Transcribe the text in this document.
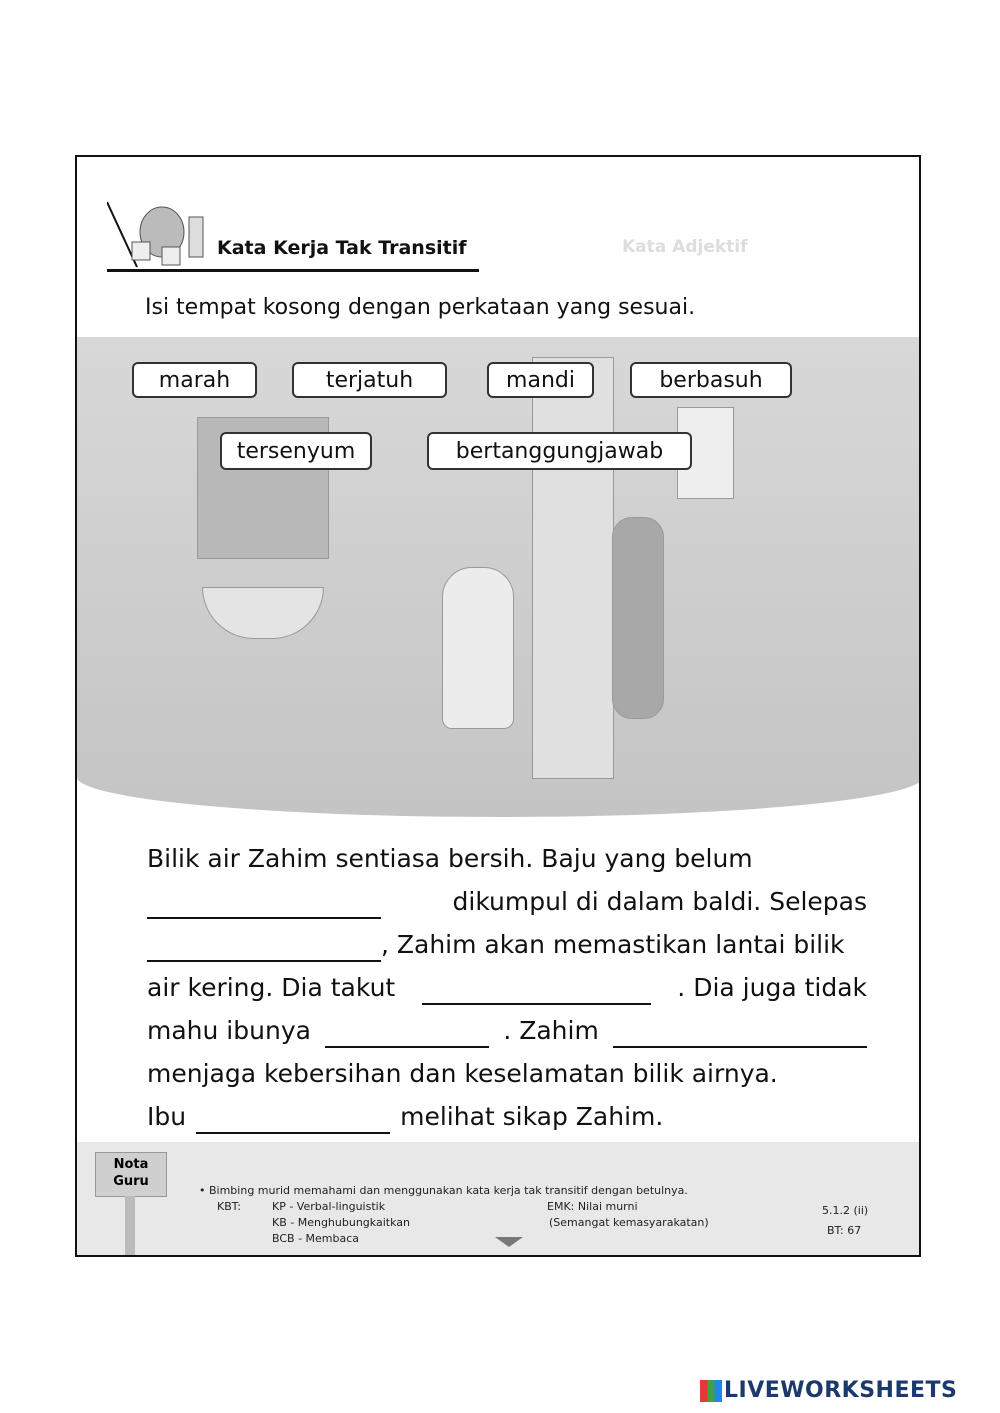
Kata Kerja Tak Transitif	Kata Adjektif
Isi tempat kosong dengan perkataan yang sesuai.
marah	terjatuh	mandi	berbasuh
tersenyum	bertanggungjawab
Bilik air Zahim sentiasa bersih. Baju yang belum
dikumpul di dalam baldi. Selepas
, Zahim akan memastikan lantai bilik
air kering. Dia takut	. Dia juga tidak
mahu ibunya	. Zahim
menjaga kebersihan dan keselamatan bilik airnya.
Ibu	melihat sikap Zahim.
Nota Guru
• Bimbing murid memahami dan menggunakan kata kerja tak transitif dengan betulnya.
KBT:	KP - Verbal-linguistik
KB - Menghubungkaitkan
BCB - Membaca
EMK: Nilai murni
(Semangat kemasyarakatan)
5.1.2 (ii)
BT: 67
LIVEWORKSHEETS
